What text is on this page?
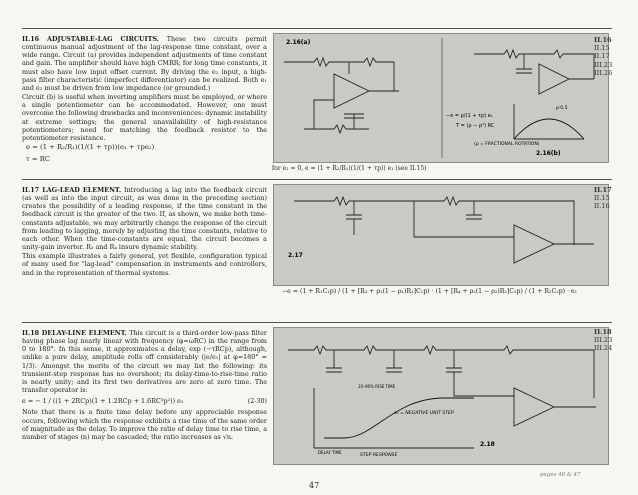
II.16 ADJUSTABLE-LAG CIRCUITS. These two circuits permit continuous manual adjustment of the lag-response time constant, over a wide range. Circuit (a) provides independent adjustments of time constant and gain. The amplifier should have high CMRR; for long time constants, it must also have low input offset current. By driving the e₂ input, a high-pass filter characteristic (imperfect differentiator) can be realized. Both e₁ and e₂ must be driven from low impedance (or grounded.)

Circuit (b) is useful when inverting amplifiers must be employed, or where a single potentiometer can be accommodated. However, one must overcome the following drawbacks and inconveniences: dynamic instability at extreme settings; the general unavailability of high-resistance potentiometers; need for matching the feedback resistor to the potentiometer resistance.

e = (1 + R₂/R₁)(1/(1 + τp))(e₁ + τpe₂)
τ = RC
for e₂ = 0, e = (1 + R₂/R₁)(1/(1 + τp)) e₁ (see II.15)
2.16(a)
2.16(b)
−e = ρ/(1 + τρ) e₁
T = (ρ − ρ²) RC
(ρ = FRACTIONAL ROTATION)
ρ·0.5
II.16
II.15
II.17
III.23
III.26

II.17 LAG-LEAD ELEMENT. Introducing a lag into the feedback circuit (as well as into the input circuit, as was done in the preceding section) creates the possibility of a leading response, if the time constant in the feedback circuit is the greater of the two. If, as shown, we make both time-constants adjustable, we may arbitrarily change the response of the circuit from leading to lagging, merely by adjusting the time constants, relative to each other. When the time-constants are equal, the circuit becomes a unity-gain inverter. R₃ and R₄ insure dynamic stability.

This example illustrates a fairly general, yet flexible, configuration typical of many used for "lag-lead" compensation in instruments and controllers, and in the representation of thermal systems.

2.17
−e = (1 + R₁C₁p) / (1 + [R₃ + ρ₁(1 − ρ₁)R₁]C₁p) · (1 + [R₄ + ρ₂(1 − ρ₂)R₂]C₂p) / (1 + R₂C₂p) · e₁
II.17
II.15
II.16

II.18 DELAY-LINE ELEMENT. This circuit is a third-order low-pass filter having phase lag nearly linear with frequency (φ≈ωRC) in the range from 0 to 180°. In this sense, it approximates a delay, exp (−τRCp), although, unlike a pure delay, amplitude rolls off considerably (|e/e₁| at φ=180° = 1/3). Amongst the merits of the circuit we may list the following: its transient-step response has no overshoot; its delay-time-to-rise-time ratio is nearly unity; and its first two derivatives are zero at zero time. The transfer operator is:

e = − 1 / ((1 + 2RCp)(1 + 1.2RCp + 1.6RC²p²)) e₁	(2-30)

Note that there is a finite time delay before any appreciable response occurs, following which the response exhibits a rise time of the same order of magnitude as the delay. To improve the ratio of delay time to rise time, a number of stages (n) may be cascaded; the ratio increases as √n.

e₁ = NEGATIVE UNIT STEP
STEP RESPONSE
DELAY TIME
10–90% RISE TIME
2.18
II.18
III.23
III.24
pages 46 & 47
47
